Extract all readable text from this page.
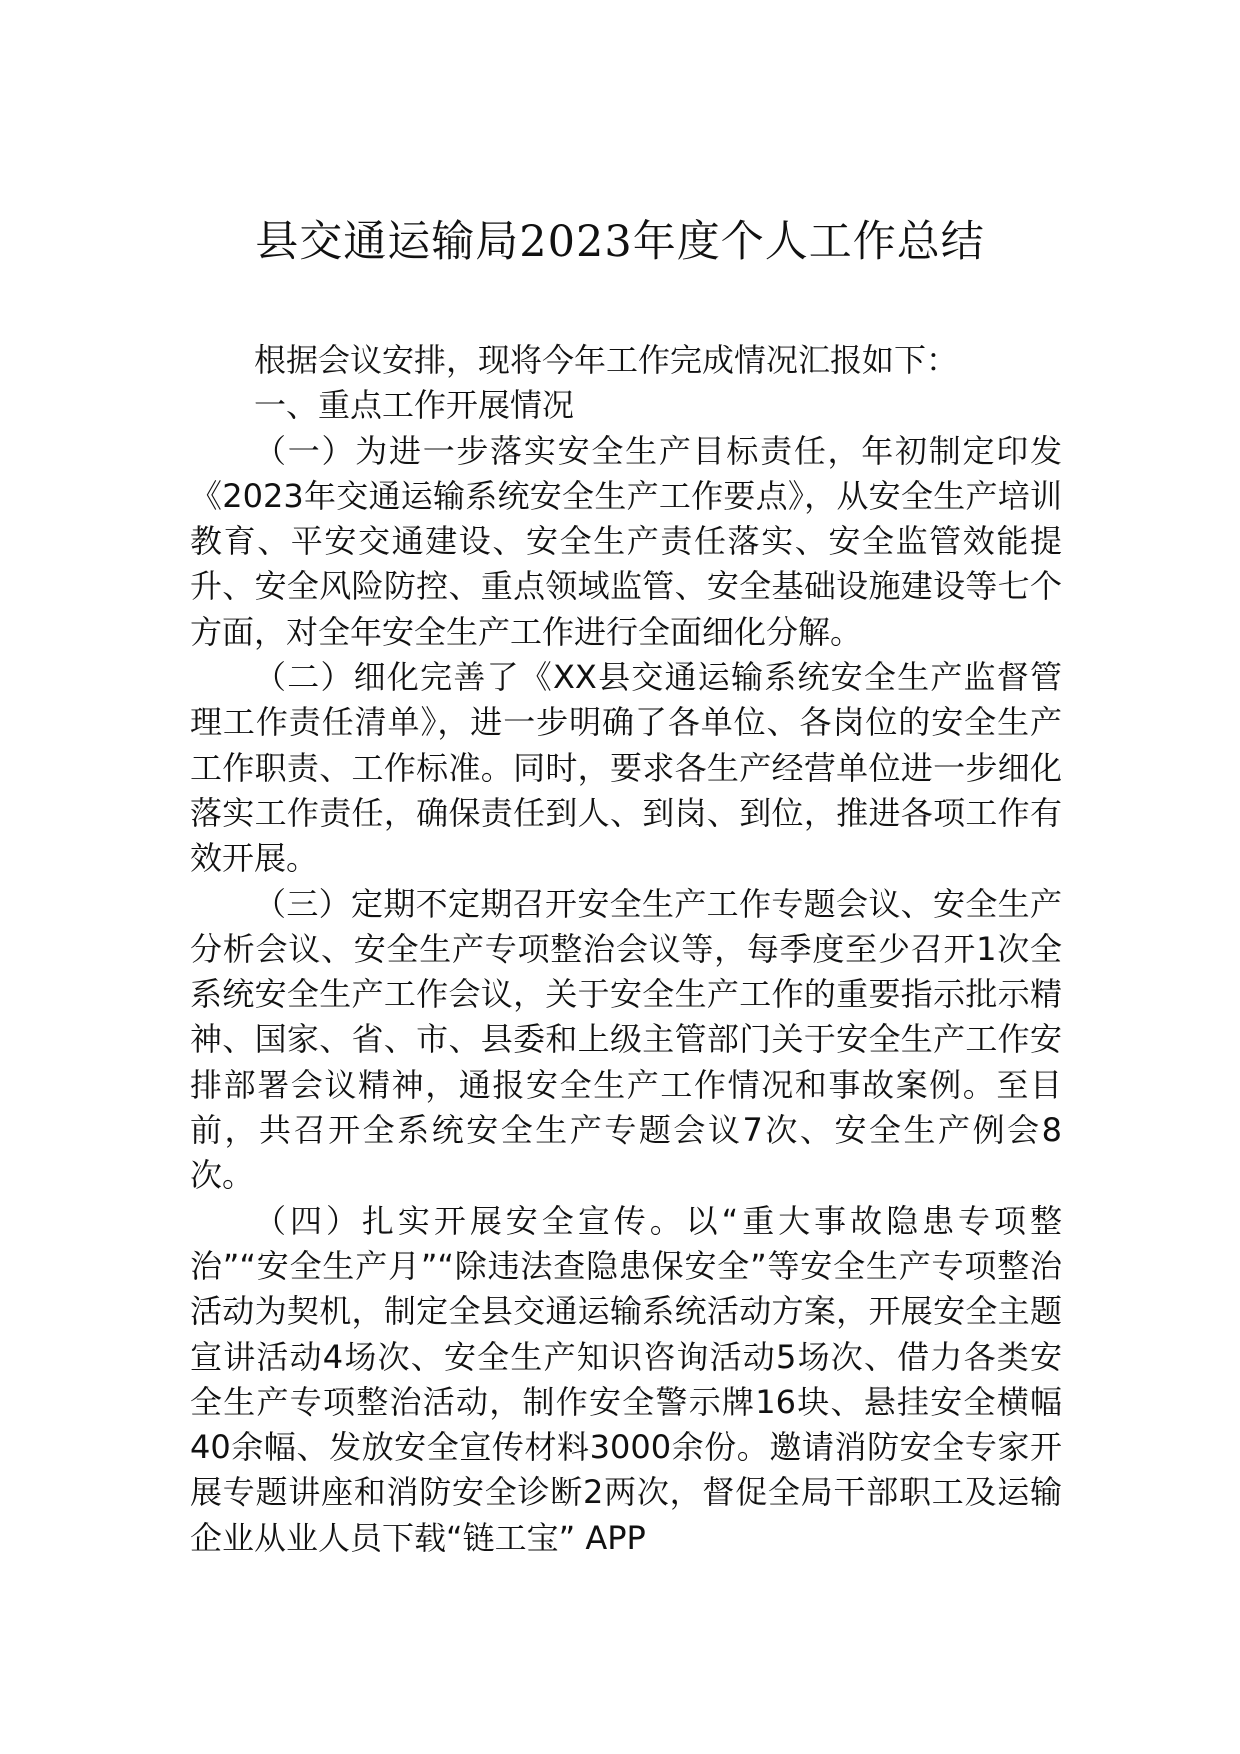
县交通运输局2023年度个人工作总结

根据会议安排，现将今年工作完成情况汇报如下：

一、重点工作开展情况

（一）为进一步落实安全生产目标责任，年初制定印发《2023年交通运输系统安全生产工作要点》，从安全生产培训教育、平安交通建设、安全生产责任落实、安全监管效能提升、安全风险防控、重点领域监管、安全基础设施建设等七个方面，对全年安全生产工作进行全面细化分解。

（二）细化完善了《XX县交通运输系统安全生产监督管理工作责任清单》，进一步明确了各单位、各岗位的安全生产工作职责、工作标准。同时，要求各生产经营单位进一步细化落实工作责任，确保责任到人、到岗、到位，推进各项工作有效开展。

（三）定期不定期召开安全生产工作专题会议、安全生产分析会议、安全生产专项整治会议等，每季度至少召开1次全系统安全生产工作会议，关于安全生产工作的重要指示批示精神、国家、省、市、县委和上级主管部门关于安全生产工作安排部署会议精神，通报安全生产工作情况和事故案例。至目前，共召开全系统安全生产专题会议7次、安全生产例会8次。

（四）扎实开展安全宣传。以“重大事故隐患专项整治”“安全生产月”“除违法查隐患保安全”等安全生产专项整治活动为契机，制定全县交通运输系统活动方案，开展安全主题宣讲活动4场次、安全生产知识咨询活动5场次、借力各类安全生产专项整治活动，制作安全警示牌16块、悬挂安全横幅40余幅、发放安全宣传材料3000余份。邀请消防安全专家开展专题讲座和消防安全诊断2两次，督促全局干部职工及运输企业从业人员下载“链工宝” APP
